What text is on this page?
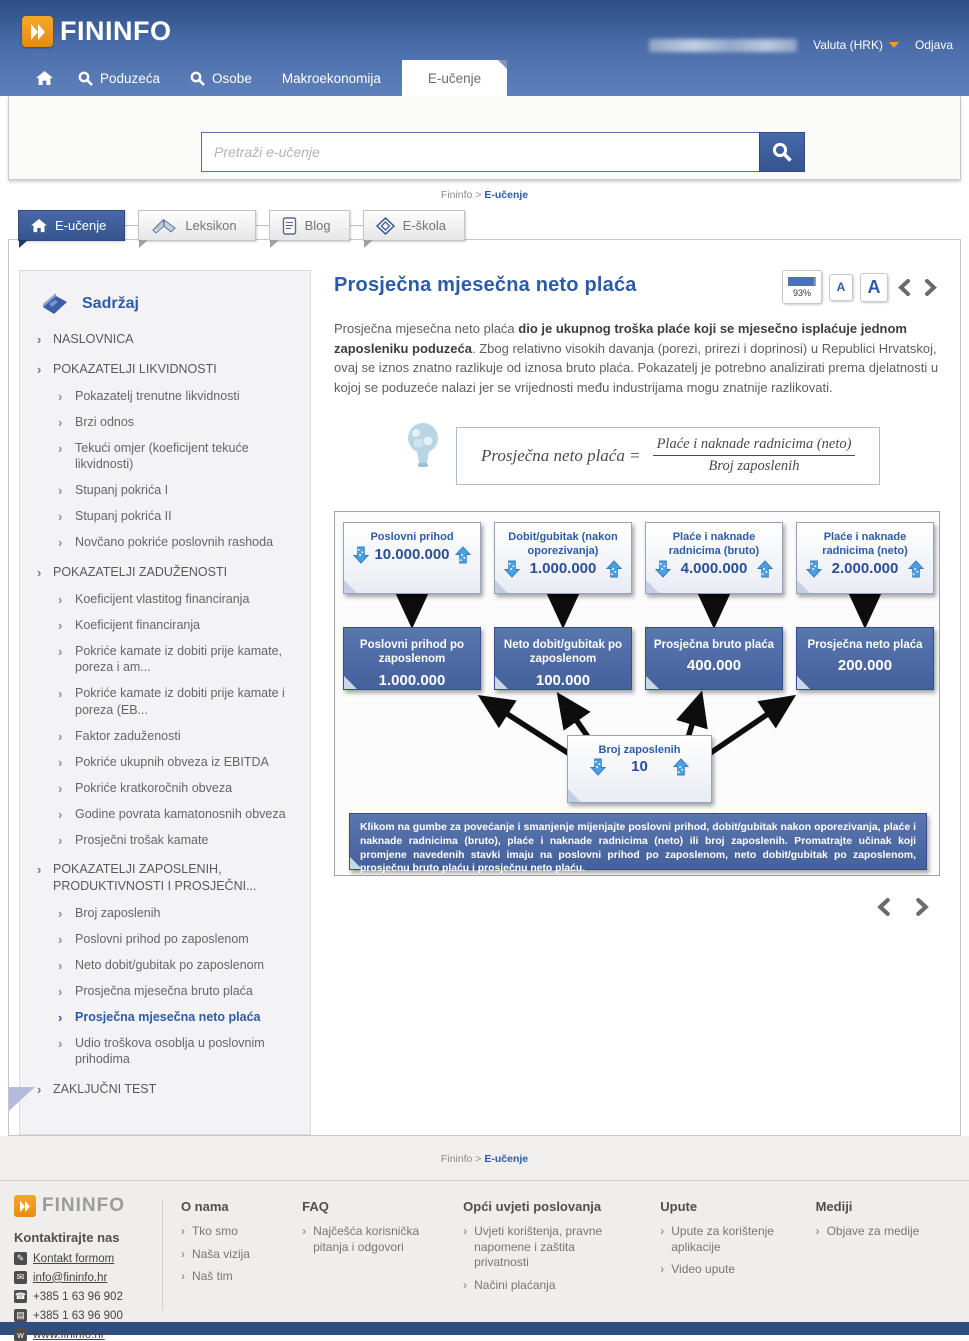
FININFO	Valuta (HRK)	Odjava
Poduzeća	Osobe Makroekonomija	E-učenje
Pretraži e-učenje
Fininfo > E-učenje
E-učenje	Leksikon	Blog	E-škola
Sadržaj
› NASLOVNICA
› POKAZATELJI LIKVIDNOSTI
› Pokazatelj trenutne likvidnosti
› Brzi odnos
› Tekući omjer (koeficijent tekuće likvidnosti)
› Stupanj pokrića I
› Stupanj pokrića II
› Novčano pokriće poslovnih rashoda
› POKAZATELJI ZADUŽENOSTI
› Koeficijent vlastitog financiranja
› Koeficijent financiranja
› Pokriće kamate iz dobiti prije kamate, poreza i am...
› Pokriće kamate iz dobiti prije kamate i poreza (EB...
› Faktor zaduženosti
› Pokriće ukupnih obveza iz EBITDA
› Pokriće kratkoročnih obveza
› Godine povrata kamatonosnih obveza
› Prosječni trošak kamate
› POKAZATELJI ZAPOSLENIH, PRODUKTIVNOSTI I PROSJEČNI...
› Broj zaposlenih
› Poslovni prihod po zaposlenom
› Neto dobit/gubitak po zaposlenom
› Prosječna mjesečna bruto plaća
› Prosječna mjesečna neto plaća
› Udio troškova osoblja u poslovnim prihodima
› ZAKLJUČNI TEST
Prosječna mjesečna neto plaća	93%	A	A

Prosječna mjesečna neto plaća dio je ukupnog troška plaće koji se mjesečno isplaćuje jednom zaposleniku poduzeća. Zbog relativno visokih davanja (porezi, prirezi i doprinosi) u Republici Hrvatskoj, ovaj se iznos znatno razlikuje od iznosa bruto plaća. Pokazatelj je potrebno analizirati prema djelatnosti u kojoj se poduzeće nalazi jer se vrijednosti među industrijama mogu znatnije razlikovati.

Prosječna neto plaća = $\frac{\text{Plaće i naknade radnicima (neto)}}{\text{Broj zaposlenih}}$
Poslovni prihod
10.000.000
Dobit/gubitak (nakon oporezivanja)
1.000.000
Plaće i naknade radnicima (bruto)
4.000.000
Plaće i naknade radnicima (neto)
2.000.000
Poslovni prihod po zaposlenom
1.000.000
Neto dobit/gubitak po zaposlenom
100.000
Prosječna bruto plaća
400.000
Prosječna neto plaća
200.000
Broj zaposlenih
10
Klikom na gumbe za povećanje i smanjenje mijenjajte poslovni prihod, dobit/gubitak nakon oporezivanja, plaće i naknade radnicima (bruto), plaće i naknade radnicima (neto) ili broj zaposlenih. Promatrajte učinak koji promjene navedenih stavki imaju na poslovni prihod po zaposlenom, neto dobit/gubitak po zaposlenom, prosječnu bruto plaću i prosječnu neto plaću.
Fininfo > E-učenje
FININFO
Kontaktirajte nas
✎ Kontakt formom
✉ info@fininfo.hr
☎ +385 1 63 96 902
▤ +385 1 63 96 900
w www.fininfo.hr
O nama
› Tko smo
› Naša vizija
› Naš tim
FAQ
› Najčešća korisnička pitanja i odgovori
Opći uvjeti poslovanja
› Uvjeti korištenja, pravne napomene i zaštita privatnosti
› Načini plaćanja
Upute
› Upute za korištenje aplikacije
› Video upute
Mediji
› Objave za medije
